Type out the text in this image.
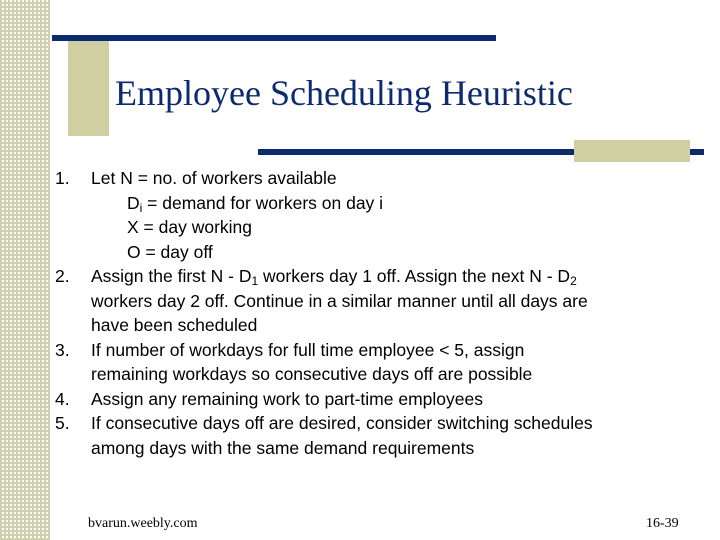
Employee Scheduling Heuristic
1. Let N = no. of workers available
$D_i$ = demand for workers on day i
X = day working
O = day off
2. Assign the first N - $D_1$ workers day 1 off. Assign the next N - $D_2$
workers day 2 off. Continue in a similar manner until all days are
have been scheduled
3. If number of workdays for full time employee < 5, assign
remaining workdays so consecutive days off are possible
4. Assign any remaining work to part-time employees
5. If consecutive days off are desired, consider switching schedules
among days with the same demand requirements
bvarun.weebly.com	16-39
